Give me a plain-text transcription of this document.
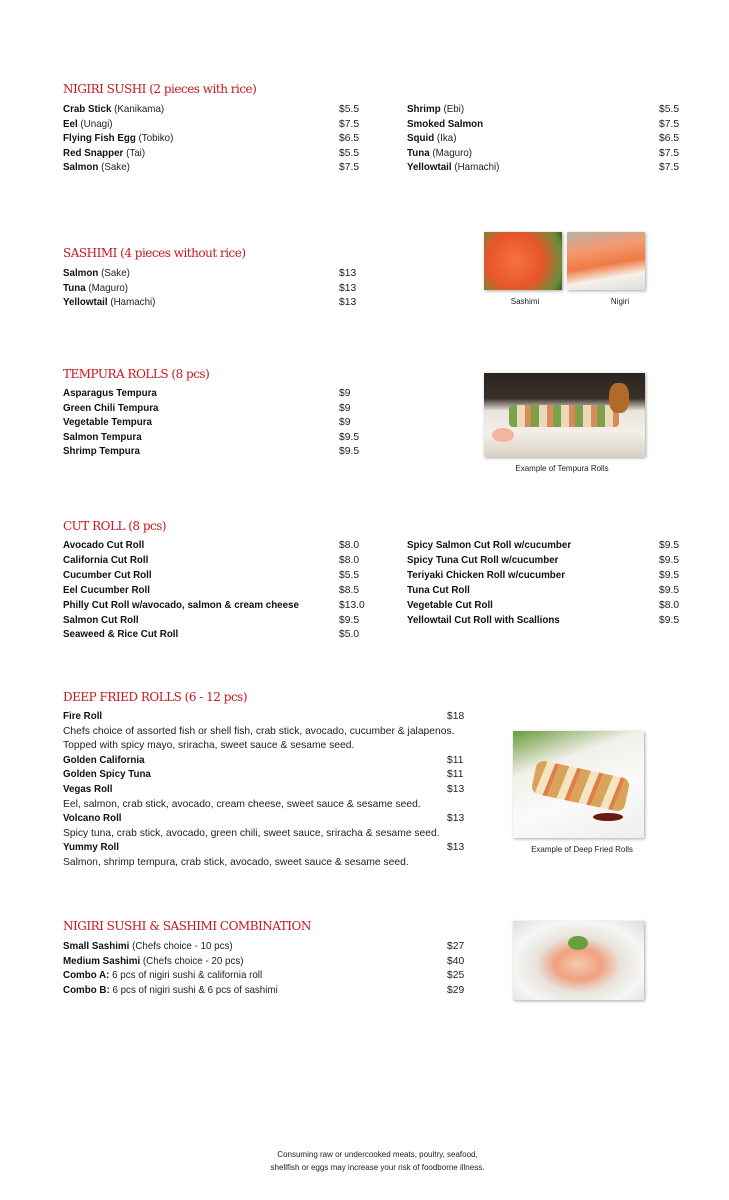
NIGIRI SUSHI (2 pieces with rice)
Crab Stick (Kanikama)	$5.5
Eel (Unagi)	$7.5
Flying Fish Egg (Tobiko)	$6.5
Red Snapper (Tai)	$5.5
Salmon (Sake)	$7.5
Shrimp (Ebi)	$5.5
Smoked Salmon	$7.5
Squid (Ika)	$6.5
Tuna (Maguro)	$7.5
Yellowtail (Hamachi)	$7.5
SASHIMI (4 pieces without rice)
Salmon (Sake)	$13
Tuna (Maguro)	$13
Yellowtail (Hamachi)	$13
TEMPURA ROLLS (8 pcs)
Asparagus Tempura	$9
Green Chili Tempura	$9
Vegetable Tempura	$9
Salmon Tempura	$9.5
Shrimp Tempura	$9.5
CUT ROLL (8 pcs)
Avocado Cut Roll	$8.0
California Cut Roll	$8.0
Cucumber Cut Roll	$5.5
Eel Cucumber Roll	$8.5
Philly Cut Roll w/avocado, salmon & cream cheese	$13.0
Salmon Cut Roll	$9.5
Seaweed & Rice Cut Roll	$5.0
Spicy Salmon Cut Roll w/cucumber	$9.5
Spicy Tuna Cut Roll w/cucumber	$9.5
Teriyaki Chicken Roll w/cucumber	$9.5
Tuna Cut Roll	$9.5
Vegetable Cut Roll	$8.0
Yellowtail Cut Roll with Scallions	$9.5
DEEP FRIED ROLLS (6 - 12 pcs)
Fire Roll	$18
Chefs choice of assorted fish or shell fish, crab stick, avocado, cucumber & jalapenos.
Topped with spicy mayo, sriracha, sweet sauce & sesame seed.
Golden California	$11
Golden Spicy Tuna	$11
Vegas Roll	$13
Eel, salmon, crab stick, avocado, cream cheese, sweet sauce & sesame seed.
Volcano Roll	$13
Spicy tuna, crab stick, avocado, green chili, sweet sauce, sriracha & sesame seed.
Yummy Roll	$13
Salmon, shrimp tempura, crab stick, avocado, sweet sauce & sesame seed.
NIGIRI SUSHI & SASHIMI COMBINATION
Small Sashimi (Chefs choice - 10 pcs)	$27
Medium Sashimi (Chefs choice - 20 pcs)	$40
Combo A: 6 pcs of nigiri sushi & california roll	$25
Combo B: 6 pcs of nigiri sushi & 6 pcs of sashimi	$29
Sashimi	Nigiri
Example of Tempura Rolls
Example of Deep Fried Rolls
Consuming raw or undercooked meats, poultry, seafood,
shellfish or eggs may increase your risk of foodborne illness.
